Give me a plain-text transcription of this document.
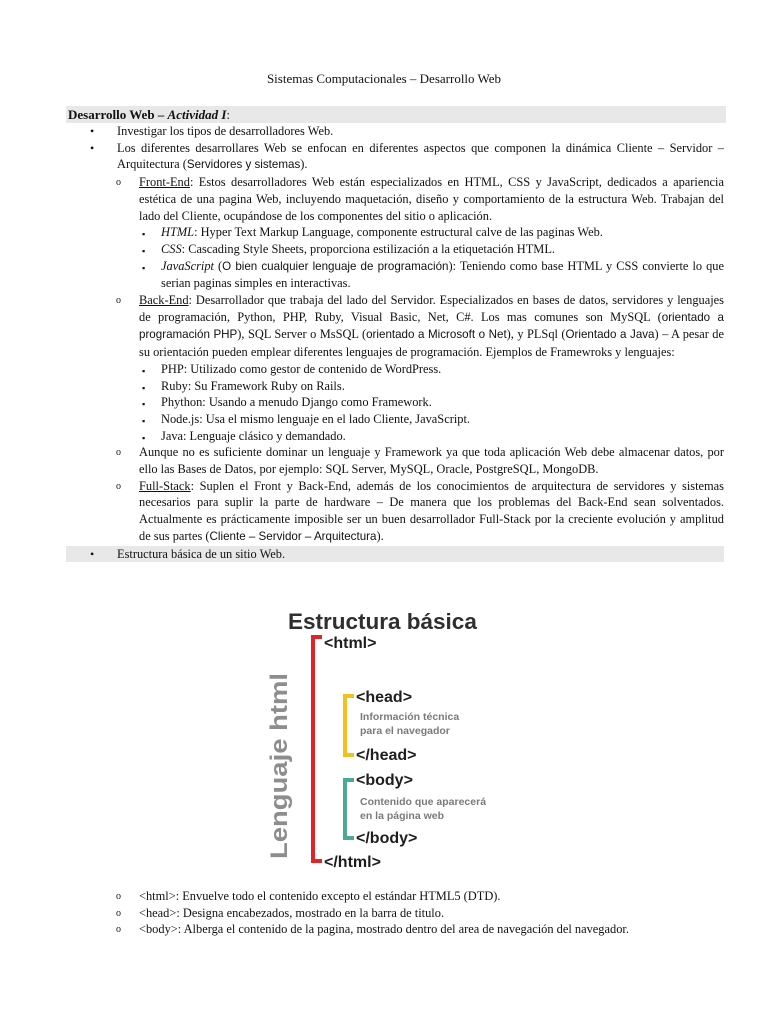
Sistemas Computacionales – Desarrollo Web
Desarrollo Web – Actividad I:
• Investigar los tipos de desarrolladores Web.
• Los diferentes desarrollares Web se enfocan en diferentes aspectos que componen la dinámica Cliente – Servidor – Arquitectura (Servidores y sistemas).
o Front-End: Estos desarrolladores Web están especializados en HTML, CSS y JavaScript, dedicados a apariencia estética de una pagina Web, incluyendo maquetación, diseño y comportamiento de la estructura Web. Trabajan del lado del Cliente, ocupándose de los componentes del sitio o aplicación.
▪ HTML: Hyper Text Markup Language, componente estructural calve de las paginas Web.
▪ CSS: Cascading Style Sheets, proporciona estilización a la etiquetación HTML.
▪ JavaScript (O bien cualquier lenguaje de programación): Teniendo como base HTML y CSS convierte lo que serian paginas simples en interactivas.
o Back-End: Desarrollador que trabaja del lado del Servidor. Especializados en bases de datos, servidores y lenguajes de programación, Python, PHP, Ruby, Visual Basic, Net, C#. Los mas comunes son MySQL (orientado a programación PHP), SQL Server o MsSQL (orientado a Microsoft o Net), y PLSql (Orientado a Java) – A pesar de su orientación pueden emplear diferentes lenguajes de programación. Ejemplos de Framewroks y lenguajes:
▪ PHP: Utilizado como gestor de contenido de WordPress.
▪ Ruby: Su Framework Ruby on Rails.
▪ Phython: Usando a menudo Django como Framework.
▪ Node.js: Usa el mismo lenguaje en el lado Cliente, JavaScript.
▪ Java: Lenguaje clásico y demandado.
o Aunque no es suficiente dominar un lenguaje y Framework ya que toda aplicación Web debe almacenar datos, por ello las Bases de Datos, por ejemplo: SQL Server, MySQL, Oracle, PostgreSQL, MongoDB.
o Full-Stack: Suplen el Front y Back-End, además de los conocimientos de arquitectura de servidores y sistemas necesarios para suplir la parte de hardware – De manera que los problemas del Back-End sean solventados. Actualmente es prácticamente imposible ser un buen desarrollador Full-Stack por la creciente evolución y amplitud de sus partes (Cliente – Servidor – Arquitectura).
• Estructura básica de un sitio Web.
Estructura básica
Lenguaje html
<html>
<head>
</head>
<body>
</body>
</html>
Información técnica
para el navegador
Contenido que aparecerá
en la página web
o <html>: Envuelve todo el contenido excepto el estándar HTML5 (DTD).
o <head>: Designa encabezados, mostrado en la barra de titulo.
o <body>: Alberga el contenido de la pagina, mostrado dentro del area de navegación del navegador.
